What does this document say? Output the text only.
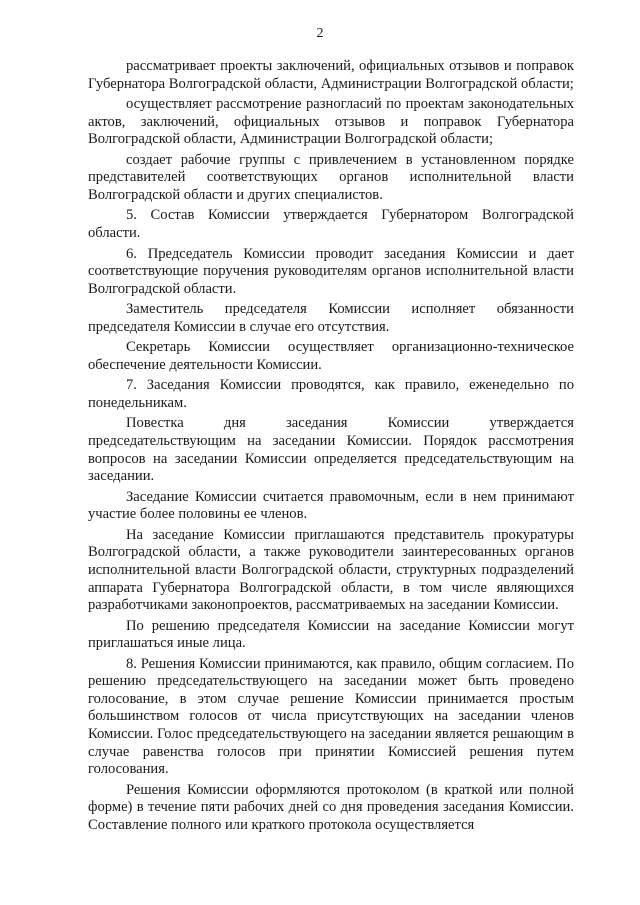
2

рассматривает проекты заключений, официальных отзывов и поправок Губернатора Волгоградской области, Администрации Волгоградской области;

осуществляет рассмотрение разногласий по проектам законодательных актов, заключений, официальных отзывов и поправок Губернатора Волгоградской области, Администрации Волгоградской области;

создает рабочие группы с привлечением в установленном порядке представителей соответствующих органов исполнительной власти Волгоградской области и других специалистов.

5. Состав Комиссии утверждается Губернатором Волгоградской области.

6. Председатель Комиссии проводит заседания Комиссии и дает соответствующие поручения руководителям органов исполнительной власти Волгоградской области.

Заместитель председателя Комиссии исполняет обязанности председателя Комиссии в случае его отсутствия.

Секретарь Комиссии осуществляет организационно-техническое обеспечение деятельности Комиссии.

7. Заседания Комиссии проводятся, как правило, еженедельно по понедельникам.

Повестка дня заседания Комиссии утверждается председательствующим на заседании Комиссии. Порядок рассмотрения вопросов на заседании Комиссии определяется председательствующим на заседании.

Заседание Комиссии считается правомочным, если в нем принимают участие более половины ее членов.

На заседание Комиссии приглашаются представитель прокуратуры Волгоградской области, а также руководители заинтересованных органов исполнительной власти Волгоградской области, структурных подразделений аппарата Губернатора Волгоградской области, в том числе являющихся разработчиками законопроектов, рассматриваемых на заседании Комиссии.

По решению председателя Комиссии на заседание Комиссии могут приглашаться иные лица.

8. Решения Комиссии принимаются, как правило, общим согласием. По решению председательствующего на заседании может быть проведено голосование, в этом случае решение Комиссии принимается простым большинством голосов от числа присутствующих на заседании членов Комиссии. Голос председательствующего на заседании является решающим в случае равенства голосов при принятии Комиссией решения путем голосования.

Решения Комиссии оформляются протоколом (в краткой или полной форме) в течение пяти рабочих дней со дня проведения заседания Комиссии. Составление полного или краткого протокола осуществляется
